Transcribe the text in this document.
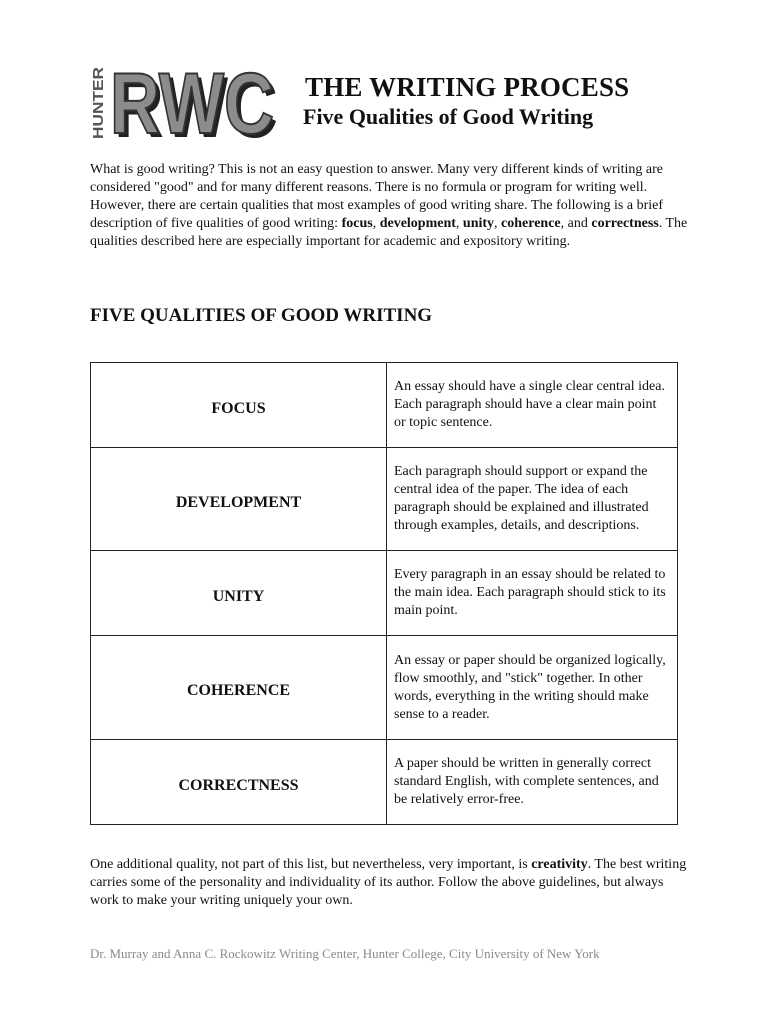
HUNTER RWC
RWC THE WRITING PROCESS
Five Qualities of Good Writing

What is good writing? This is not an easy question to answer. Many very different kinds of writing are considered "good" and for many different reasons. There is no formula or program for writing well. However, there are certain qualities that most examples of good writing share. The following is a brief description of five qualities of good writing: focus, development, unity, coherence, and correctness. The qualities described here are especially important for academic and expository writing.

FIVE QUALITIES OF GOOD WRITING
FOCUS	An essay should have a single clear central idea. Each paragraph should have a clear main point or topic sentence.
DEVELOPMENT	Each paragraph should support or expand the central idea of the paper. The idea of each paragraph should be explained and illustrated through examples, details, and descriptions.
UNITY	Every paragraph in an essay should be related to the main idea. Each paragraph should stick to its main point.
COHERENCE	An essay or paper should be organized logically, flow smoothly, and "stick" together. In other words, everything in the writing should make sense to a reader.
CORRECTNESS	A paper should be written in generally correct standard English, with complete sentences, and be relatively error-free.

One additional quality, not part of this list, but nevertheless, very important, is creativity. The best writing carries some of the personality and individuality of its author. Follow the above guidelines, but always work to make your writing uniquely your own.

Dr. Murray and Anna C. Rockowitz Writing Center, Hunter College, City University of New York
